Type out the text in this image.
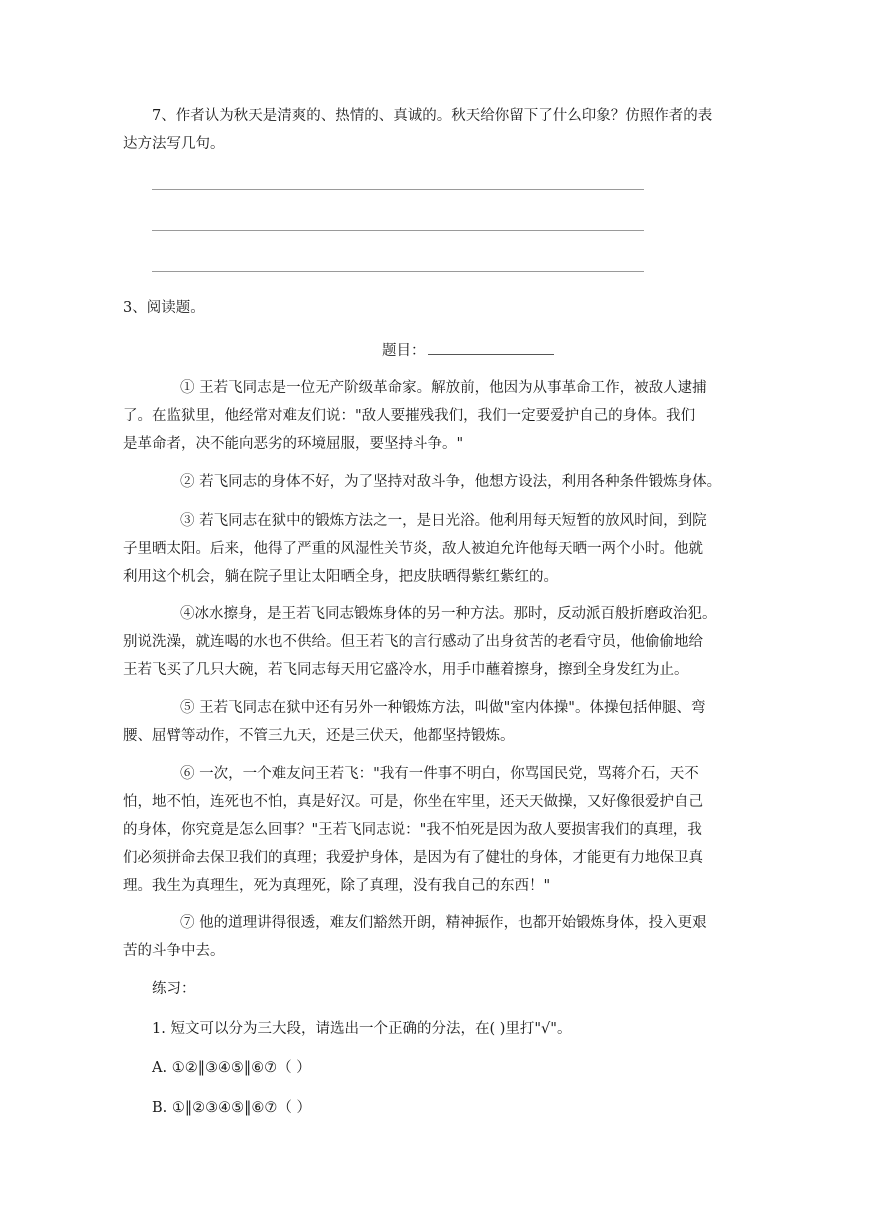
7、作者认为秋天是清爽的、热情的、真诚的。秋天给你留下了什么印象？仿照作者的表
达方法写几句。
3、阅读题。
题目：
① 王若飞同志是一位无产阶级革命家。解放前，他因为从事革命工作，被敌人逮捕
了。在监狱里，他经常对难友们说："敌人要摧残我们，我们一定要爱护自己的身体。我们
是革命者，决不能向恶劣的环境屈服，要坚持斗争。"
② 若飞同志的身体不好，为了坚持对敌斗争，他想方设法，利用各种条件锻炼身体。
③ 若飞同志在狱中的锻炼方法之一，是日光浴。他利用每天短暂的放风时间，到院
子里晒太阳。后来，他得了严重的风湿性关节炎，敌人被迫允许他每天晒一两个小时。他就
利用这个机会，躺在院子里让太阳晒全身，把皮肤晒得紫红紫红的。
④冰水擦身，是王若飞同志锻炼身体的另一种方法。那时，反动派百般折磨政治犯。
别说洗澡，就连喝的水也不供给。但王若飞的言行感动了出身贫苦的老看守员，他偷偷地给
王若飞买了几只大碗，若飞同志每天用它盛冷水，用手巾蘸着擦身，擦到全身发红为止。
⑤ 王若飞同志在狱中还有另外一种锻炼方法，叫做"室内体操"。体操包括伸腿、弯
腰、屈臂等动作，不管三九天，还是三伏天，他都坚持锻炼。
⑥ 一次，一个难友问王若飞："我有一件事不明白，你骂国民党，骂蒋介石，天不
怕，地不怕，连死也不怕，真是好汉。可是，你坐在牢里，还天天做操，又好像很爱护自己
的身体，你究竟是怎么回事？"王若飞同志说："我不怕死是因为敌人要损害我们的真理，我
们必须拼命去保卫我们的真理；我爱护身体，是因为有了健壮的身体，才能更有力地保卫真
理。我生为真理生，死为真理死，除了真理，没有我自己的东西！"
⑦ 他的道理讲得很透，难友们豁然开朗，精神振作，也都开始锻炼身体，投入更艰
苦的斗争中去。
练习：
1. 短文可以分为三大段，请选出一个正确的分法，在( )里打"√"。
A. ①②‖③④⑤‖⑥⑦（ ）
B. ①‖②③④⑤‖⑥⑦（ ）
